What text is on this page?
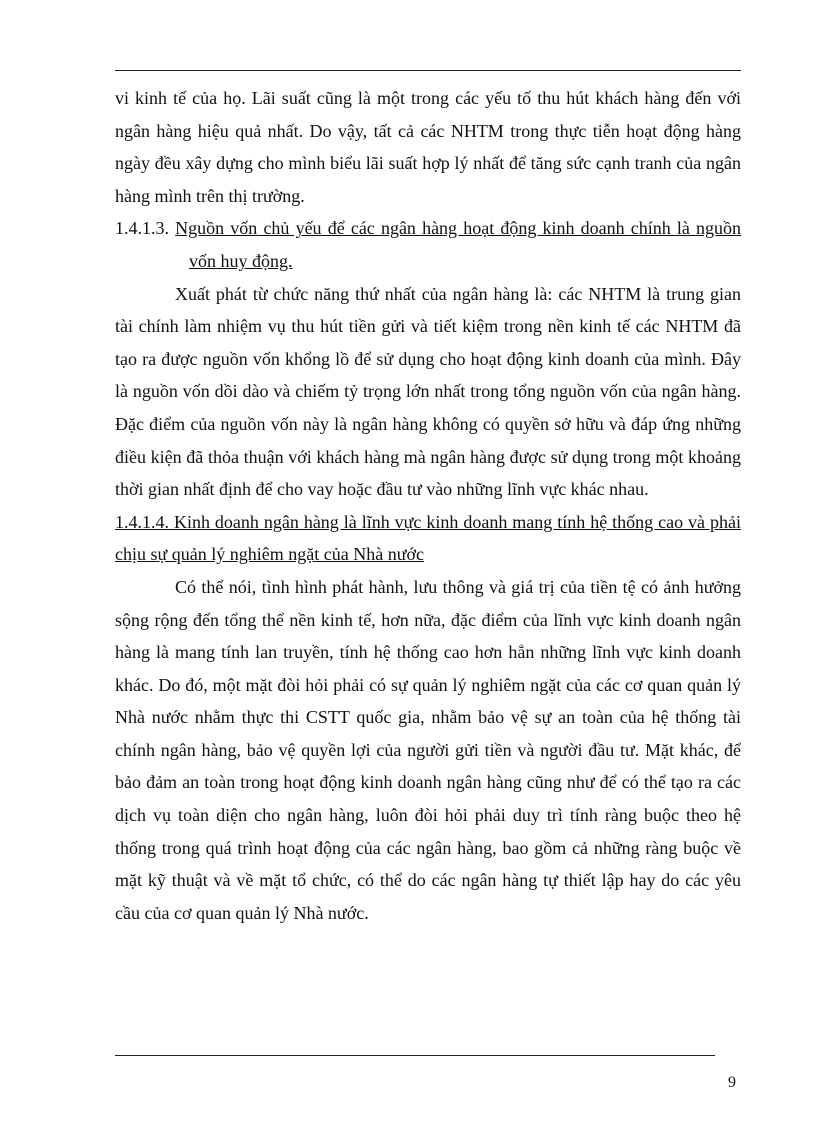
vi kinh tế của họ. Lãi suất cũng là một trong các yếu tố thu hút khách hàng đến với ngân hàng hiệu quả nhất. Do vậy, tất cả các NHTM trong thực tiễn hoạt động hàng ngày đều xây dựng cho mình biểu lãi suất hợp lý nhất để tăng sức cạnh tranh của ngân hàng mình trên thị trường.

1.4.1.3. Nguồn vốn chủ yếu để các ngân hàng hoạt động kinh doanh chính là nguồn vốn huy động.

Xuất phát từ chức năng thứ nhất của ngân hàng là: các NHTM là trung gian tài chính làm nhiệm vụ thu hút tiền gửi và tiết kiệm trong nền kinh tế các NHTM đã tạo ra được nguồn vốn khổng lồ để sử dụng cho hoạt động kinh doanh của mình. Đây là nguồn vốn dồi dào và chiếm tỷ trọng lớn nhất trong tổng nguồn vốn của ngân hàng. Đặc điểm của nguồn vốn này là ngân hàng không có quyền sở hữu và đáp ứng những điều kiện đã thỏa thuận với khách hàng mà ngân hàng được sử dụng trong một khoảng thời gian nhất định để cho vay hoặc đầu tư vào những lĩnh vực khác nhau.

1.4.1.4. Kinh doanh ngân hàng là lĩnh vực kinh doanh mang tính hệ thống cao và phải chịu sự quản lý nghiêm ngặt của Nhà nước

Có thể nói, tình hình phát hành, lưu thông và giá trị của tiền tệ có ảnh hưởng sộng rộng đến tổng thể nền kinh tế, hơn nữa, đặc điểm của lĩnh vực kinh doanh ngân hàng là mang tính lan truyền, tính hệ thống cao hơn hẳn những lĩnh vực kinh doanh khác. Do đó, một mặt đòi hỏi phải có sự quản lý nghiêm ngặt của các cơ quan quản lý Nhà nước nhằm thực thi CSTT quốc gia, nhằm bảo vệ sự an toàn của hệ thống tài chính ngân hàng, bảo vệ quyền lợi của người gửi tiền và người đầu tư. Mặt khác, để bảo đảm an toàn trong hoạt động kinh doanh ngân hàng cũng như để có thể tạo ra các dịch vụ toàn diện cho ngân hàng, luôn đòi hỏi phải duy trì tính ràng buộc theo hệ thống trong quá trình hoạt động của các ngân hàng, bao gồm cả những ràng buộc về mặt kỹ thuật và về mặt tổ chức, có thể do các ngân hàng tự thiết lập hay do các yêu cầu của cơ quan quản lý Nhà nước.

9
